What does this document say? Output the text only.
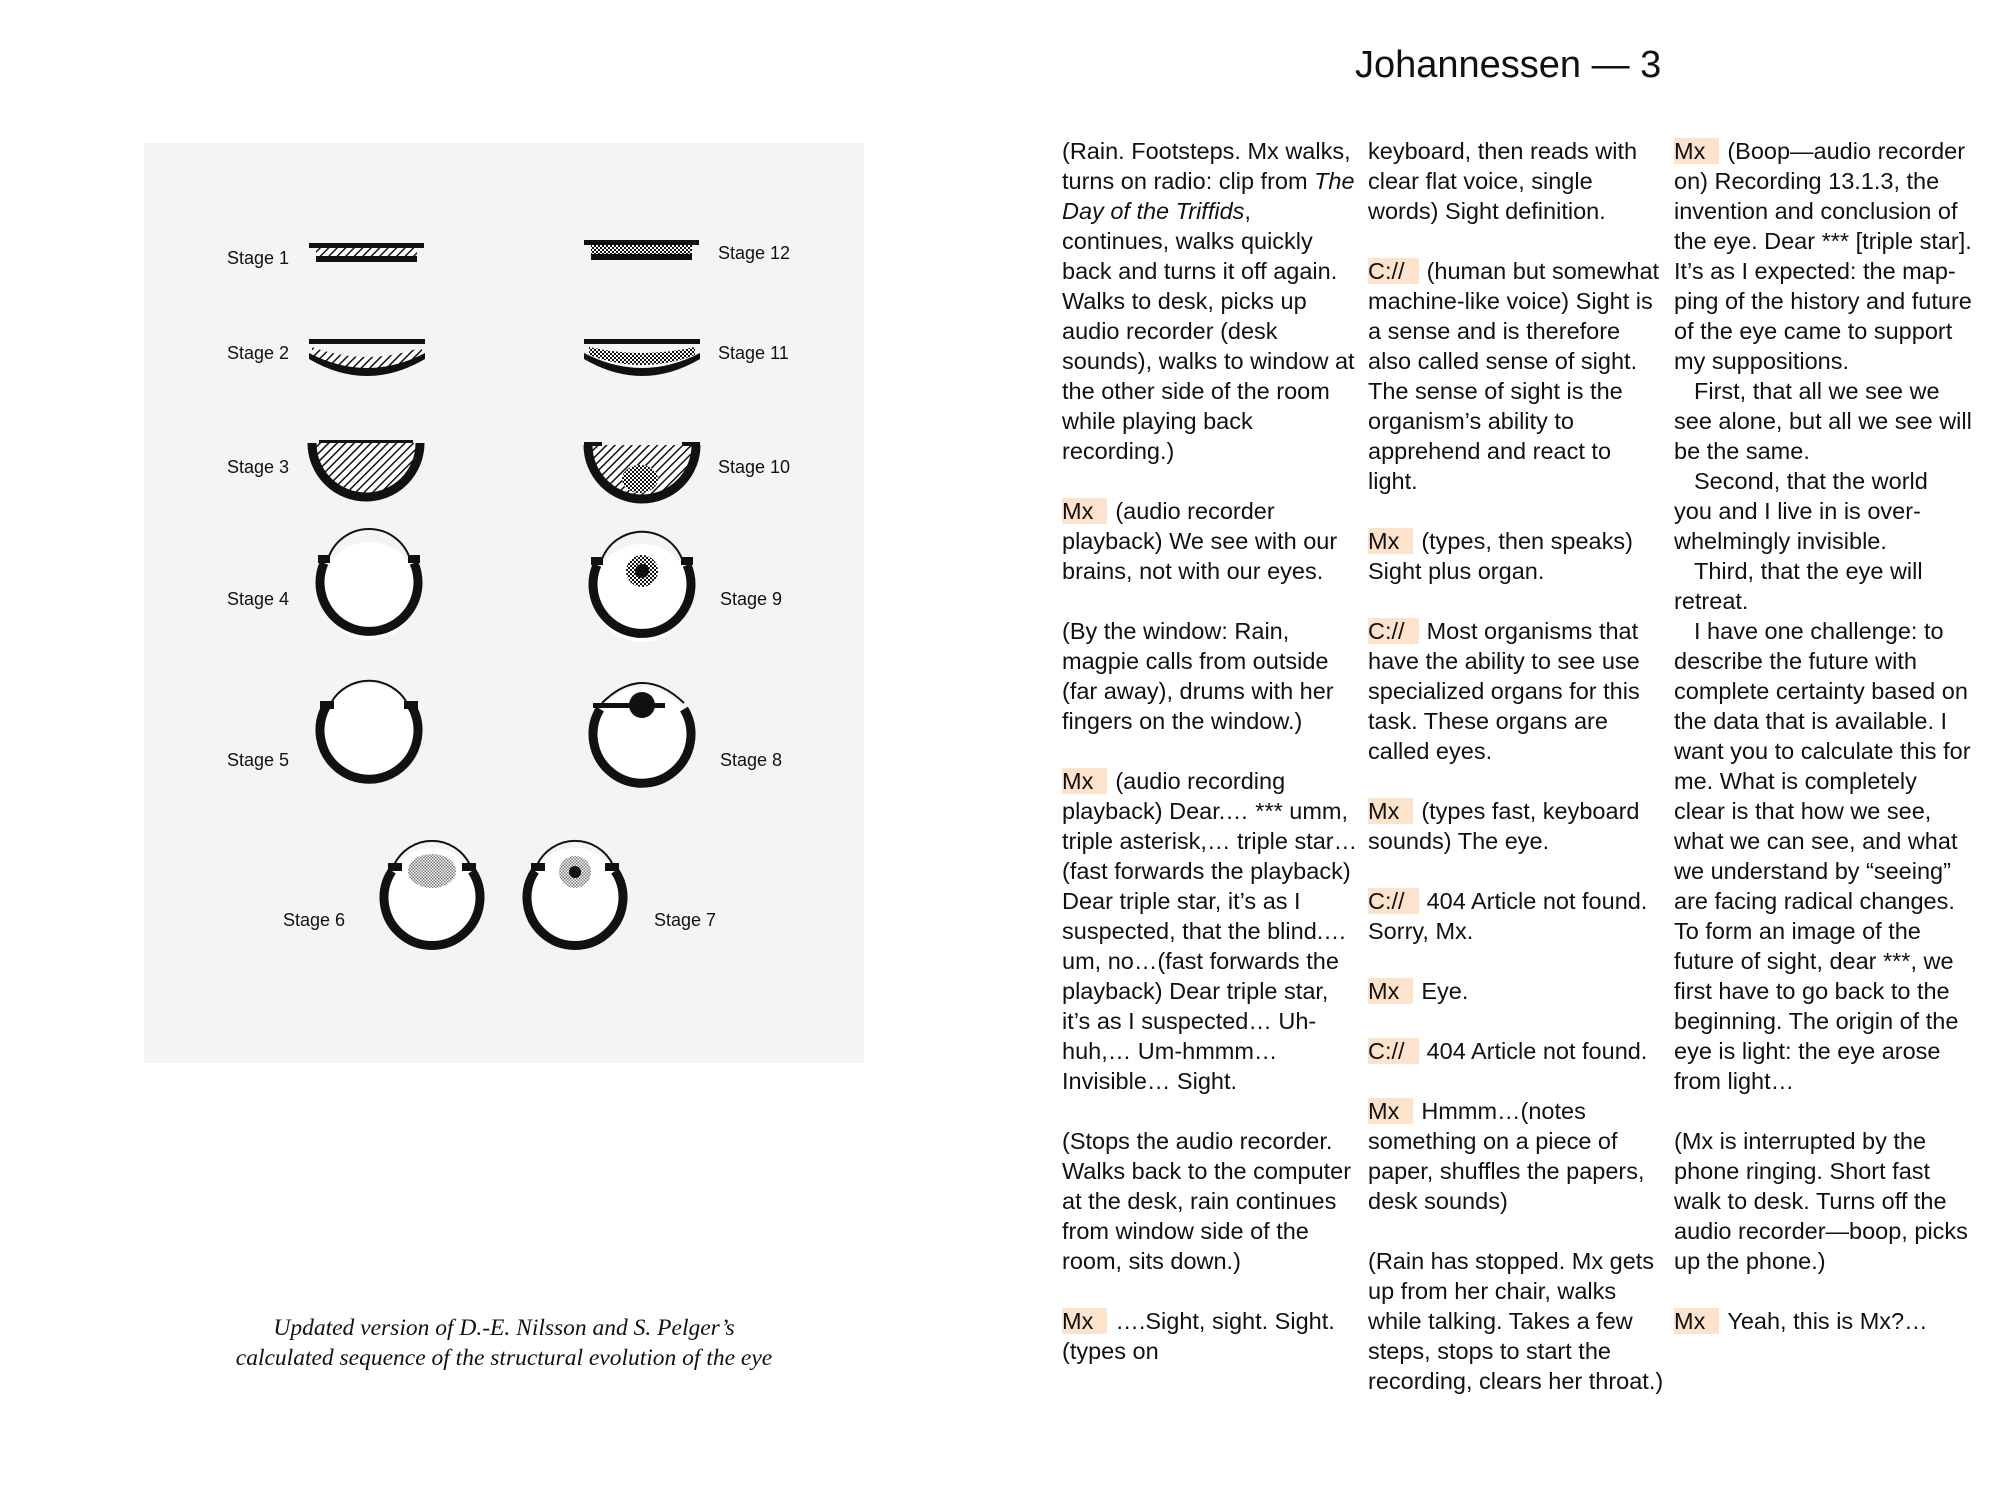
Stage 1
Stage 2
Stage 3
Stage 4
Stage 5
Stage 6	Stage 7
Stage 8
Stage 9
Stage 10
Stage 11
Stage 12
Updated version of D.-E. Nilsson and S. Pelger’s
calculated sequence of the structural evolution of the eye
Johannessen — 3

(Rain. Footsteps. Mx walks, turns on radio: clip from The Day of the Triffids, continues, walks quickly back and turns it off again. Walks to desk, picks up audio recorder (desk sounds), walks to window at the other side of the room while playing back recording.)

Mx (audio recorder playback) We see with our brains, not with our eyes.

(By the window: Rain, magpie calls from outside (far away), drums with her fingers on the window.)

Mx (audio recording playback) Dear.… *** umm, triple asterisk,… triple star…(fast forwards the playback) Dear triple star, it’s as I suspected, that the blind.…um, no…(fast forwards the playback) Dear triple star, it’s as I suspected… Uh-huh,… Um-hmmm… Invisible… Sight.

(Stops the audio recorder. Walks back to the computer at the desk, rain continues from window side of the room, sits down.)

Mx ….Sight, sight. Sight. (types on

keyboard, then reads with clear flat voice, single words) Sight definition.

C:// (human but somewhat machine-like voice) Sight is a sense and is therefore also called sense of sight. The sense of sight is the organism’s ability to apprehend and react to light.

Mx (types, then speaks) Sight plus organ.

C:// Most organisms that have the ability to see use specialized organs for this task. These organs are called eyes.

Mx (types fast, keyboard sounds) The eye.

C:// 404 Article not found. Sorry, Mx.

Mx Eye.

C:// 404 Article not found.

Mx Hmmm…(notes something on a piece of paper, shuffles the papers, desk sounds)

(Rain has stopped. Mx gets up from her chair, walks while talking. Takes a few steps, stops to start the recording, clears her throat.)

Mx (Boop—audio recorder on) Recording 13.1.3, the invention and conclusion of the eye. Dear *** [triple star]. It’s as I expected: the mapping of the history and future of the eye came to support my suppositions.

First, that all we see we see alone, but all we see will be the same.

Second, that the world you and I live in is overwhelmingly invisible.

Third, that the eye will retreat.

I have one challenge: to describe the future with complete certainty based on the data that is available. I want you to calculate this for me. What is completely clear is that how we see, what we can see, and what we understand by “seeing” are facing radical changes. To form an image of the future of sight, dear ***, we first have to go back to the beginning. The origin of the eye is light: the eye arose from light…

(Mx is interrupted by the phone ringing. Short fast walk to desk. Turns off the audio recorder—boop, picks up the phone.)

Mx Yeah, this is Mx?…
